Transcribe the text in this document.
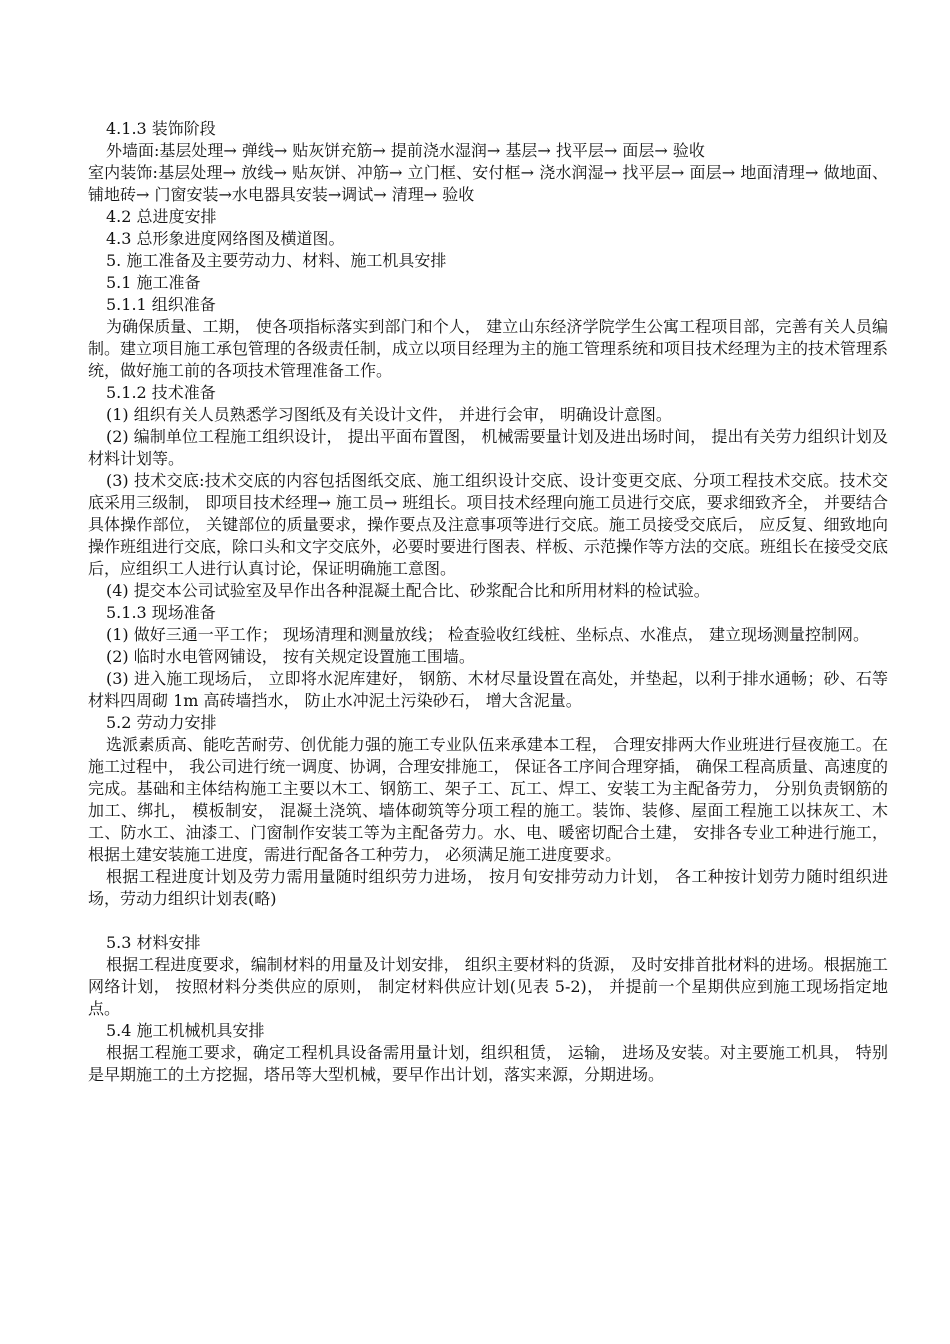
4.1.3 装饰阶段

外墙面:基层处理→ 弹线→ 贴灰饼充筋→ 提前浇水湿润→ 基层→ 找平层→ 面层→ 验收

室内装饰:基层处理→ 放线→ 贴灰饼、冲筋→ 立门框、安付框→ 浇水润湿→ 找平层→ 面层→ 地面清理→ 做地面、铺地砖→ 门窗安装→水电器具安装→调试→ 清理→ 验收

4.2 总进度安排

4.3 总形象进度网络图及横道图。

5. 施工准备及主要劳动力、材料、施工机具安排

5.1 施工准备

5.1.1 组织准备

为确保质量、工期， 使各项指标落实到部门和个人， 建立山东经济学院学生公寓工程项目部，完善有关人员编制。建立项目施工承包管理的各级责任制，成立以项目经理为主的施工管理系统和项目技术经理为主的技术管理系统，做好施工前的各项技术管理准备工作。

5.1.2 技术准备

(1) 组织有关人员熟悉学习图纸及有关设计文件， 并进行会审， 明确设计意图。

(2) 编制单位工程施工组织设计， 提出平面布置图， 机械需要量计划及进出场时间， 提出有关劳力组织计划及材料计划等。

(3) 技术交底:技术交底的内容包括图纸交底、施工组织设计交底、设计变更交底、分项工程技术交底。技术交底采用三级制， 即项目技术经理→ 施工员→ 班组长。项目技术经理向施工员进行交底，要求细致齐全， 并要结合具体操作部位， 关键部位的质量要求，操作要点及注意事项等进行交底。施工员接受交底后， 应反复、细致地向操作班组进行交底，除口头和文字交底外，必要时要进行图表、样板、示范操作等方法的交底。班组长在接受交底后，应组织工人进行认真讨论，保证明确施工意图。

(4) 提交本公司试验室及早作出各种混凝土配合比、砂浆配合比和所用材料的检试验。

5.1.3 现场准备

(1) 做好三通一平工作； 现场清理和测量放线； 检查验收红线桩、坐标点、水准点， 建立现场测量控制网。

(2) 临时水电管网铺设， 按有关规定设置施工围墙。

(3) 进入施工现场后， 立即将水泥库建好， 钢筋、木材尽量设置在高处，并垫起，以利于排水通畅；砂、石等材料四周砌 1m 高砖墙挡水， 防止水冲泥土污染砂石， 增大含泥量。

5.2 劳动力安排

选派素质高、能吃苦耐劳、创优能力强的施工专业队伍来承建本工程， 合理安排两大作业班进行昼夜施工。在施工过程中， 我公司进行统一调度、协调，合理安排施工， 保证各工序间合理穿插， 确保工程高质量、高速度的完成。基础和主体结构施工主要以木工、钢筋工、架子工、瓦工、焊工、安装工为主配备劳力， 分别负责钢筋的加工、绑扎， 模板制安， 混凝土浇筑、墙体砌筑等分项工程的施工。装饰、装修、屋面工程施工以抹灰工、木工、防水工、油漆工、门窗制作安装工等为主配备劳力。水、电、暖密切配合土建， 安排各专业工种进行施工， 根据土建安装施工进度，需进行配备各工种劳力， 必须满足施工进度要求。

根据工程进度计划及劳力需用量随时组织劳力进场， 按月旬安排劳动力计划， 各工种按计划劳力随时组织进场，劳动力组织计划表(略)

5.3 材料安排

根据工程进度要求，编制材料的用量及计划安排， 组织主要材料的货源， 及时安排首批材料的进场。根据施工网络计划， 按照材料分类供应的原则， 制定材料供应计划(见表 5-2)， 并提前一个星期供应到施工现场指定地点。

5.4 施工机械机具安排

根据工程施工要求，确定工程机具设备需用量计划，组织租赁， 运输， 进场及安装。对主要施工机具， 特别是早期施工的土方挖掘，塔吊等大型机械，要早作出计划，落实来源，分期进场。
